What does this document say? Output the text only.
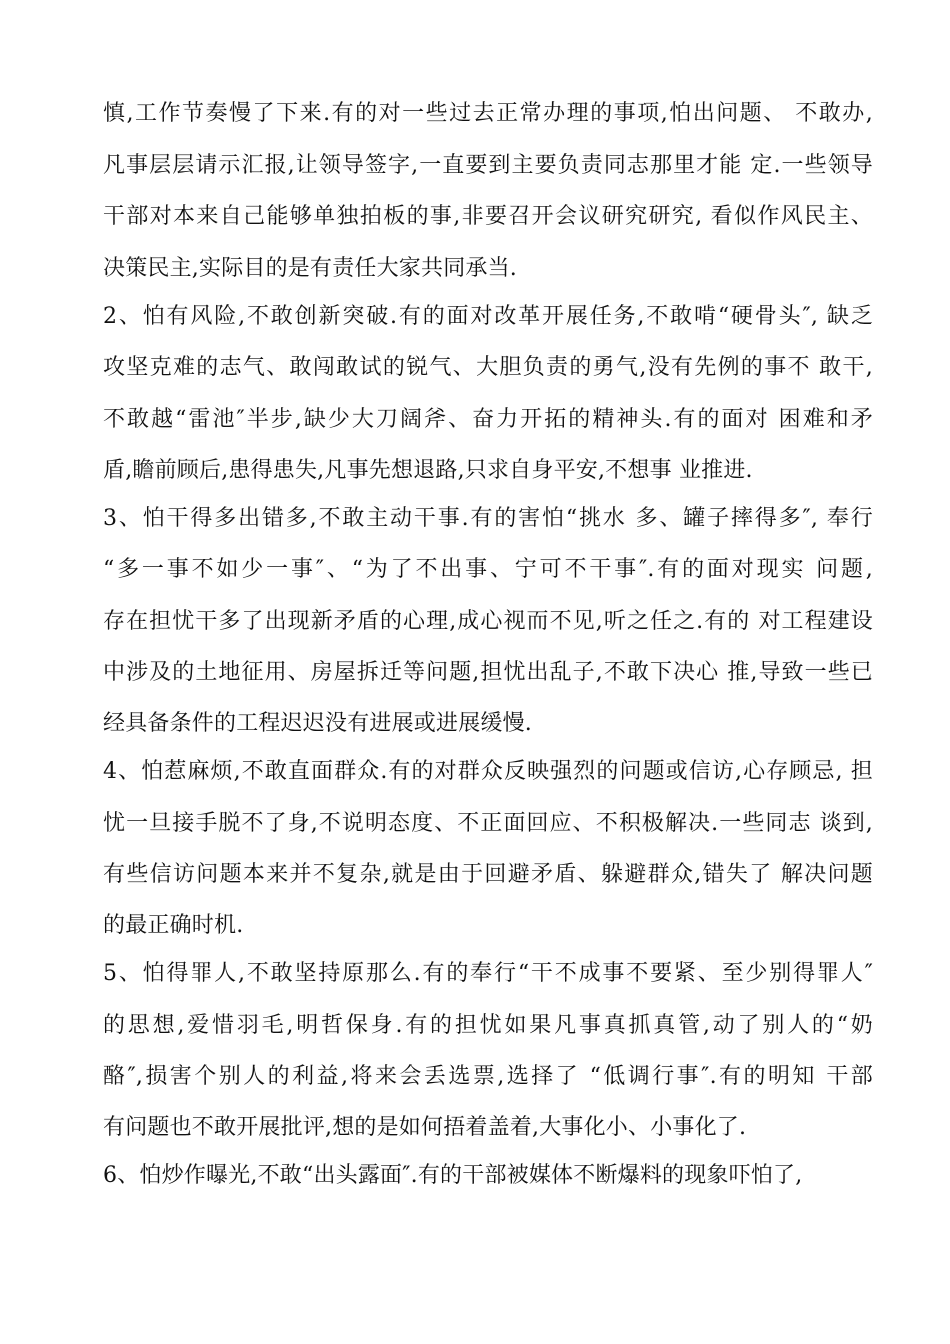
慎,工作节奏慢了下来.有的对一些过去正常办理的事项,怕出问题、 不敢办,
凡事层层请示汇报,让领导签字,一直要到主要负责同志那里才能 定.一些领导
干部对本来自己能够单独拍板的事,非要召开会议研究研究, 看似作风民主、
决策民主,实际目的是有责任大家共同承当.
2、怕有风险,不敢创新突破.有的面对改革开展任务,不敢啃“硬骨头″, 缺乏
攻坚克难的志气、敢闯敢试的锐气、大胆负责的勇气,没有先例的事不 敢干,
不敢越“雷池″半步,缺少大刀阔斧、奋力开拓的精神头.有的面对 困难和矛
盾,瞻前顾后,患得患失,凡事先想退路,只求自身平安,不想事 业推进.
3、怕干得多出错多,不敢主动干事.有的害怕“挑水 多、罐子摔得多″, 奉行
“多一事不如少一事″、“为了不出事、宁可不干事″.有的面对现实 问题,
存在担忧干多了出现新矛盾的心理,成心视而不见,听之任之.有的 对工程建设
中涉及的土地征用、房屋拆迁等问题,担忧出乱子,不敢下决心 推,导致一些已
经具备条件的工程迟迟没有进展或进展缓慢.
4、怕惹麻烦,不敢直面群众.有的对群众反映强烈的问题或信访,心存顾忌, 担
忧一旦接手脱不了身,不说明态度、不正面回应、不积极解决.一些同志 谈到,
有些信访问题本来并不复杂,就是由于回避矛盾、躲避群众,错失了 解决问题
的最正确时机.
5、怕得罪人,不敢坚持原那么.有的奉行“干不成事不要紧、至少别得罪人″
的思想,爱惜羽毛,明哲保身.有的担忧如果凡事真抓真管,动了别人的“奶
酪″,损害个别人的利益,将来会丢选票,选择了 “低调行事″.有的明知 干部
有问题也不敢开展批评,想的是如何捂着盖着,大事化小、小事化了.
6、怕炒作曝光,不敢“出头露面″.有的干部被媒体不断爆料的现象吓怕了,
